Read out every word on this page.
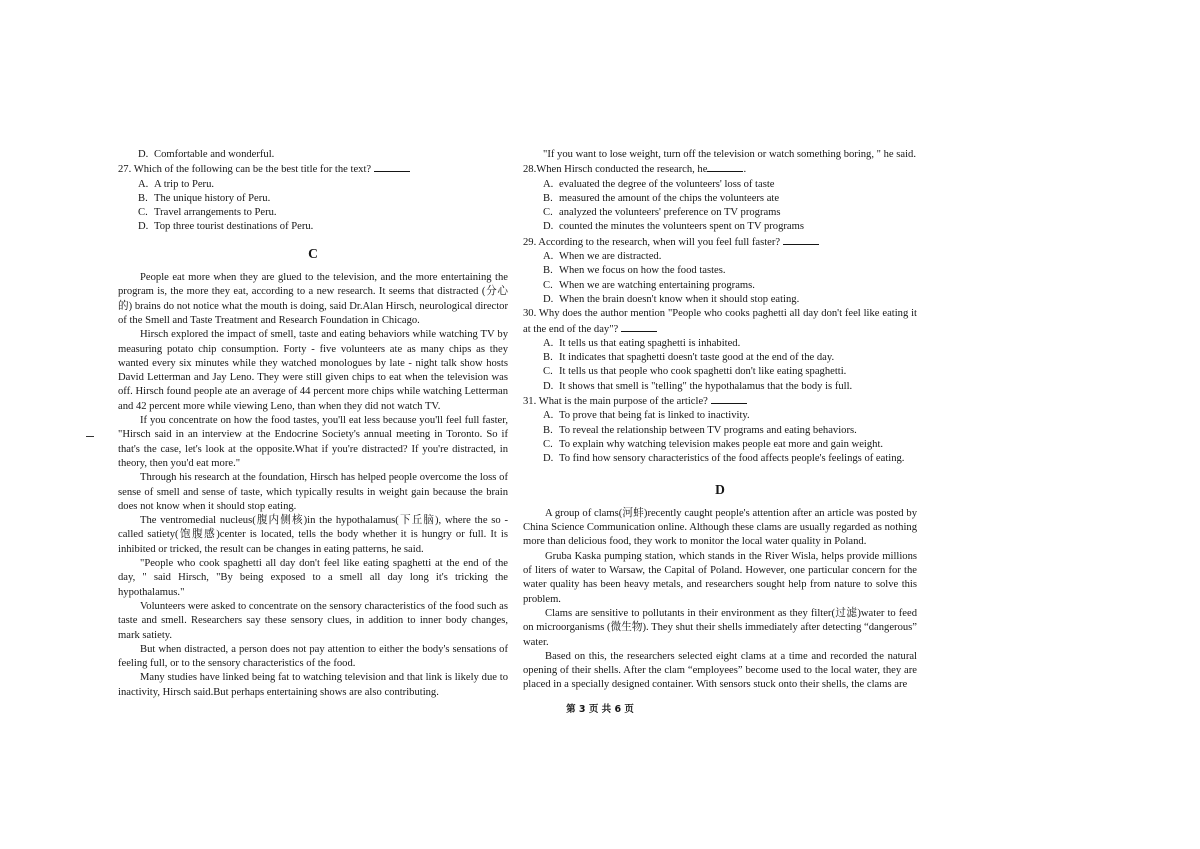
D. Comfortable and wonderful.
27. Which of the following can be the best title for the text?
A. A trip to Peru.
B. The unique history of Peru.
C. Travel arrangements to Peru.
D. Top three tourist destinations of Peru.
C
People eat more when they are glued to the television, and the more entertaining the program is, the more they eat, according to a new research. It seems that distracted (分心的) brains do not notice what the mouth is doing, said Dr.Alan Hirsch, neurological director of the Smell and Taste Treatment and Research Foundation in Chicago.
Hirsch explored the impact of smell, taste and eating behaviors while watching TV by measuring potato chip consumption. Forty - five volunteers ate as many chips as they wanted every six minutes while they watched monologues by late - night talk show hosts David Letterman and Jay Leno. They were still given chips to eat when the television was off. Hirsch found people ate an average of 44 percent more chips while watching Letterman and 42 percent more while viewing Leno, than when they did not watch TV.
If you concentrate on how the food tastes, you'll eat less because you'll feel full faster, "Hirsch said in an interview at the Endocrine Society's annual meeting in Toronto. So if that's the case, let's look at the opposite.What if you're distracted? If you're distracted, in theory, then you'd eat more."
Through his research at the foundation, Hirsch has helped people overcome the loss of sense of smell and sense of taste, which typically results in weight gain because the brain does not know when it should stop eating.
The ventromedial nucleus(腹内侧核)in the hypothalamus(下丘脑), where the so - called satiety(饱腹感)center is located, tells the body whether it is hungry or full. It is inhibited or tricked, the result can be changes in eating patterns, he said.
"People who cook spaghetti all day don't feel like eating spaghetti at the end of the day, " said Hirsch, "By being exposed to a smell all day long it's tricking the hypothalamus."
Volunteers were asked to concentrate on the sensory characteristics of the food such as taste and smell. Researchers say these sensory clues, in addition to inner body changes, mark satiety.
But when distracted, a person does not pay attention to either the body's sensations of feeling full, or to the sensory characteristics of the food.
Many studies have linked being fat to watching television and that link is likely due to inactivity, Hirsch said.But perhaps entertaining shows are also contributing.
"If you want to lose weight, turn off the television or watch something boring, " he said.
28.When Hirsch conducted the research, he	.
A. evaluated the degree of the volunteers' loss of taste
B. measured the amount of the chips the volunteers ate
C. analyzed the volunteers' preference on TV programs
D. counted the minutes the volunteers spent on TV programs
29. According to the research, when will you feel full faster?
A. When we are distracted.
B. When we focus on how the food tastes.
C. When we are watching entertaining programs.
D. When the brain doesn't know when it should stop eating.
30. Why does the author mention "People who cooks paghetti all day don't feel like eating it at the end of the day"?
A. It tells us that eating spaghetti is inhabited.
B. It indicates that spaghetti doesn't taste good at the end of the day.
C. It tells us that people who cook spaghetti don't like eating spaghetti.
D. It shows that smell is "telling" the hypothalamus that the body is full.
31. What is the main purpose of the article?
A. To prove that being fat is linked to inactivity.
B. To reveal the relationship between TV programs and eating behaviors.
C. To explain why watching television makes people eat more and gain weight.
D. To find how sensory characteristics of the food affects people's feelings of eating.
D
A group of clams(河蚌)recently caught people's attention after an article was posted by China Science Communication online. Although these clams are usually regarded as nothing more than delicious food, they work to monitor the local water quality in Poland.
Gruba Kaska pumping station, which stands in the River Wisla, helps provide millions of liters of water to Warsaw, the Capital of Poland. However, one particular concern for the water quality has been heavy metals, and researchers sought help from nature to solve this problem.
Clams are sensitive to pollutants in their environment as they filter(过滤)water to feed on microorganisms (微生物). They shut their shells immediately after detecting “dangerous” water.
Based on this, the researchers selected eight clams at a time and recorded the natural opening of their shells. After the clam “employees” become used to the local water, they are placed in a specially designed container. With sensors stuck onto their shells, the clams are
第 3 页 共 6 页
